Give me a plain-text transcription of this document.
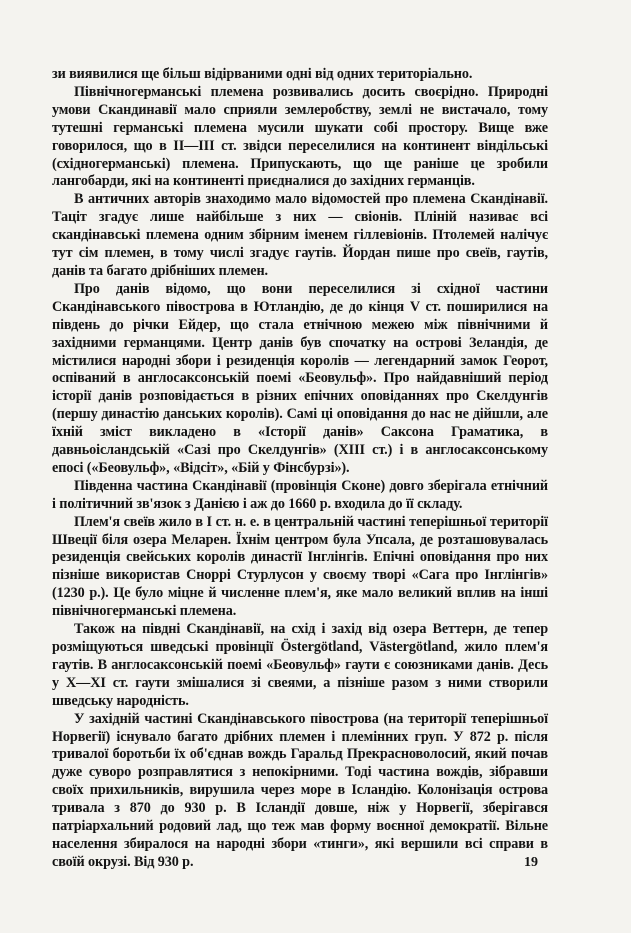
зи виявилися ще більш відірваними одні від одних територіально.

Північногерманські племена розвивались досить своєрідно. Природні умови Скандинавії мало сприяли землеробству, землі не вистачало, тому тутешні германські племена мусили шукати собі простору. Вище вже говорилося, що в II—III ст. звідси переселилися на континент віндільські (східногерманські) племена. Припускають, що ще раніше це зробили лангобарди, які на континенті приєдналися до західних германців.

В античних авторів знаходимо мало відомостей про племена Скандінавії. Таціт згадує лише найбільше з них — свіонів. Пліній називає всі скандінавські племена одним збірним іменем гіллевіонів. Птолемей налічує тут сім племен, в тому числі згадує гаутів. Йордан пише про свеїв, гаутів, данів та багато дрібніших племен.

Про данів відомо, що вони переселилися зі східної частини Скандінавського півострова в Ютландію, де до кінця V ст. поширилися на південь до річки Ейдер, що стала етнічною межею між північними й західними германцями. Центр данів був спочатку на острові Зеландія, де містилися народні збори і резиденція королів — легендарний замок Георот, оспіваний в англосаксонській поемі «Беовульф». Про найдавніший період історії данів розповідається в різних епічних оповіданнях про Скелдунгів (першу династію данських королів). Самі ці оповідання до нас не дійшли, але їхній зміст викладено в «Історії данів» Саксона Граматика, в давньоісландській «Сазі про Скелдунгів» (XIII ст.) і в англосаксонському епосі («Беовульф», «Відсіт», «Бій у Фінсбурзі»).

Південна частина Скандінавії (провінція Сконе) довго зберігала етнічний і політичний зв'язок з Данією і аж до 1660 р. входила до її складу.

Плем'я свеїв жило в I ст. н. е. в центральній частині теперішньої території Швеції біля озера Меларен. Їхнім центром була Упсала, де розташовувалась резиденція свейських королів династії Інглінгів. Епічні оповідання про них пізніше використав Сноррі Стурлусон у своєму творі «Сага про Інглінгів» (1230 р.). Це було міцне й численне плем'я, яке мало великий вплив на інші північногерманські племена.

Також на півдні Скандінавії, на схід і захід від озера Веттерн, де тепер розміщуються шведські провінції Östergötland, Västergötland, жило плем'я гаутів. В англосаксонській поемі «Беовульф» гаути є союзниками данів. Десь у X—XI ст. гаути змішалися зі свеями, а пізніше разом з ними створили шведську народність.

У західній частині Скандінавського півострова (на території теперішньої Норвегії) існувало багато дрібних племен і племінних груп. У 872 р. після тривалої боротьби їх об'єднав вождь Гаральд Прекрасноволосий, який почав дуже суворо розправлятися з непокірними. Тоді частина вождів, зібравши своїх прихильників, вирушила через море в Ісландію. Колонізація острова тривала з 870 до 930 р. В Ісландії довше, ніж у Норвегії, зберігався патріархальний родовий лад, що теж мав форму воєнної демократії. Вільне населення збиралося на народні збори «тинги», які вершили всі справи в своїй окрузі. Від 930 р.	19
